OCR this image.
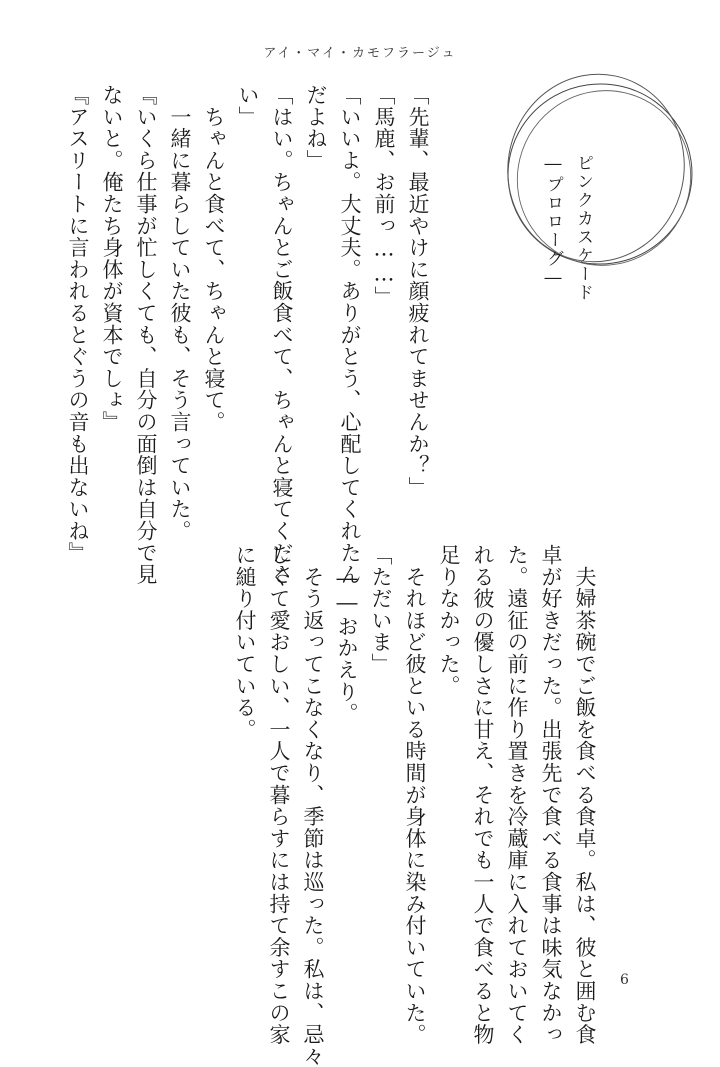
アイ・マイ・カモフラージュ
ピンクカスケード
―プロローグ―
「先輩、最近やけに顔疲れてませんか？」
「馬鹿、お前っ……」
「いいよ。大丈夫。ありがとう、心配してくれたん
だよね」
「はい。ちゃんとご飯食べて、ちゃんと寝てくださ
い」
　ちゃんと食べて、ちゃんと寝て。
　一緒に暮らしていた彼も、そう言っていた。
『いくら仕事が忙しくても、自分の面倒は自分で見
ないと。俺たち身体が資本でしょ』
『アスリートに言われるとぐうの音も出ないね』
　夫婦茶碗でご飯を食べる食卓。私は、彼と囲む食
卓が好きだった。出張先で食べる食事は味気なかっ
た。遠征の前に作り置きを冷蔵庫に入れておいてく
れる彼の優しさに甘え、それでも一人で食べると物
足りなかった。
　それほど彼といる時間が身体に染み付いていた。
「ただいま」
　――おかえり。
　そう返ってこなくなり、季節は巡った。私は、忌々
しくて愛おしい、一人で暮らすには持て余すこの家
に縋り付いている。
6
